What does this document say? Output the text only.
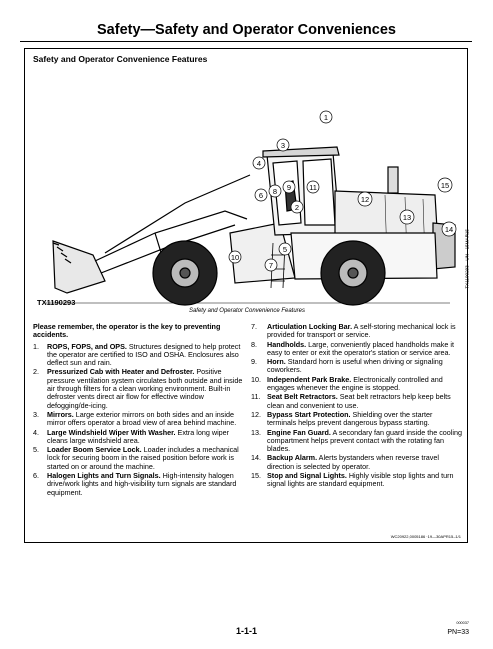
Safety—Safety and Operator Conveniences
Safety and Operator Convenience Features
1
2
3
4
5
6
7
8 9
10
11
12
13
14
15
TX1190293—UN—15MAR15
TX1190293
Safety and Operator Convenience Features
Please remember, the operator is the key to preventing accidents.
1.	ROPS, FOPS, and OPS. Structures designed to help protect the operator are certified to ISO and OSHA. Enclosures also deflect sun and rain.
2.	Pressurized Cab with Heater and Defroster. Positive pressure ventilation system circulates both outside and inside air through filters for a clean working environment. Built-in defroster vents direct air flow for effective window defogging/de-icing.
3.	Mirrors. Large exterior mirrors on both sides and an inside mirror offers operator a broad view of area behind machine.
4.	Large Windshield Wiper With Washer. Extra long wiper cleans large windshield area.
5.	Loader Boom Service Lock. Loader includes a mechanical lock for securing boom in the raised position before work is started on or around the machine.
6.	Halogen Lights and Turn Signals. High-intensity halogen drive/work lights and high-visibility turn signals are standard equipment.
7.	Articulation Locking Bar. A self-storing mechanical lock is provided for transport or service.
8.	Handholds. Large, conveniently placed handholds make it easy to enter or exit the operator's station or service area.
9.	Horn. Standard horn is useful when driving or signaling coworkers.
10. Independent Park Brake. Electronically controlled and engages whenever the engine is stopped.
11. Seat Belt Retractors. Seat belt retractors help keep belts clean and convenient to use.
12. Bypass Start Protection. Shielding over the starter terminals helps prevent dangerous bypass starting.
13. Engine Fan Guard. A secondary fan guard inside the cooling compartment helps prevent contact with the rotating fan blades.
14. Backup Alarm. Alerts bystanders when reverse travel direction is selected by operator.
15. Stop and Signal Lights. Highly visible stop lights and turn signal lights are standard equipment.
WC20922,0005186 ·19—30APR15–1/1
1-1-1
000037
PN=33
